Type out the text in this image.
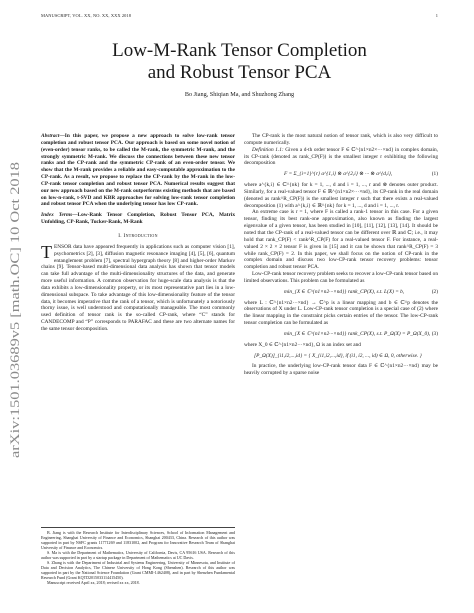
MANUSCRIPT, VOL. XX, NO. XX, XXX 2018	1
arXiv:1501.03689v5 [math.OC] 10 Oct 2018
Low-M-Rank Tensor Completion
and Robust Tensor PCA
Bo Jiang, Shiqian Ma, and Shuzhong Zhang

Abstract—In this paper, we propose a new approach to solve low-rank tensor completion and robust tensor PCA. Our approach is based on some novel notion of (even-order) tensor ranks, to be called the M-rank, the symmetric M-rank, and the strongly symmetric M-rank. We discuss the connections between these new tensor ranks and the CP-rank and the symmetric CP-rank of an even-order tensor. We show that the M-rank provides a reliable and easy-computable approximation to the CP-rank. As a result, we propose to replace the CP-rank by the M-rank in the low-CP-rank tensor completion and robust tensor PCA. Numerical results suggest that our new approach based on the M-rank outperforms existing methods that are based on low-n-rank, t-SVD and KBR approaches for solving low-rank tensor completion and robust tensor PCA when the underlying tensor has low CP-rank.

Index Terms—Low-Rank Tensor Completion, Robust Tensor PCA, Matrix Unfolding, CP-Rank, Tucker-Rank, M-Rank

I. Introduction

TENSOR data have appeared frequently in applications such as computer vision [1], psychometrics [2], [3], diffusion magnetic resonance imaging [4], [5], [6], quantum entanglement problem [7], spectral hypergraph theory [8] and higher-order Markov chains [9]. Tensor-based multi-dimensional data analysis has shown that tensor models can take full advantage of the multi-dimensionality structures of the data, and generate more useful information. A common observation for huge-scale data analysis is that the data exhibits a low-dimensionality property, or its most representative part lies in a low-dimensional subspace. To take advantage of this low-dimensionality feature of the tensor data, it becomes imperative that the rank of a tensor, which is unfortunately a notoriously thorny issue, is well understood and computationally manageable. The most commonly used definition of tensor rank is the so-called CP-rank, where “C” stands for CANDECOMP and “P” corresponds to PARAFAC and these are two alternate names for the same tensor decomposition.

B. Jiang is with the Research Institute for Interdisciplinary Sciences, School of Information Management and Engineering, Shanghai University of Finance and Economics, Shanghai 200433, China. Research of this author was supported in part by NSFC grants 11771269 and 11831002, and Program for Innovative Research Team of Shanghai University of Finance and Economics.

S. Ma is with the Department of Mathematics, University of California, Davis, CA 95616 USA. Research of this author was supported in part by a startup package in Department of Mathematics at UC Davis.

S. Zhang is with the Department of Industrial and Systems Engineering, University of Minnesota, and Institute of Data and Decision Analytics, The Chinese University of Hong Kong (Shenzhen). Research of this author was supported in part by the National Science Foundation (Grant CMMI-1462408), and in part by Shenzhen Fundamental Research Fund (Grant KQTD2015033114415450).

Manuscript received April xx, 2018; revised xx xx, 2018.

The CP-rank is the most natural notion of tensor rank, which is also very difficult to compute numerically.

Definition 1.1: Given a d-th order tensor F ∈ ℂ^{n1×n2×···×nd} in complex domain, its CP-rank (denoted as rank_CP(F)) is the smallest integer r exhibiting the following decomposition

F = Σ_{i=1}^{r} a^{1,i} ⊗ a^{2,i} ⊗ ··· ⊗ a^{d,i},	(1)

where a^{k,i} ∈ ℂ^{nk} for k = 1, ..., d and i = 1, ..., r and ⊗ denotes outer product. Similarly, for a real-valued tensor F ∈ ℝ^{n1×n2×···×nd}, its CP-rank in the real domain (denoted as rank^R_CP(F)) is the smallest integer r such that there exists a real-valued decomposition (1) with a^{k,i} ∈ ℝ^{nk} for k = 1, ..., d and i = 1, ..., r.

An extreme case is r = 1, where F is called a rank-1 tensor in this case. For a given tensor, finding its best rank-one approximation, also known as finding the largest eigenvalue of a given tensor, has been studied in [10], [11], [12], [13], [14]. It should be noted that the CP-rank of a real-valued tensor can be different over ℝ and ℂ; i.e., it may hold that rank_CP(F) < rank^R_CP(F) for a real-valued tensor F. For instance, a real-valued 2 × 2 × 2 tensor F is given in [15] and it can be shown that rank^R_CP(F) = 3 while rank_CP(F) = 2. In this paper, we shall focus on the notion of CP-rank in the complex domain and discuss two low-CP-rank tensor recovery problems: tensor completion and robust tensor PCA.

Low-CP-rank tensor recovery problem seeks to recover a low-CP-rank tensor based on limited observations. This problem can be formulated as

min_{X ∈ ℂ^{n1×n2···×nd}} rank_CP(X), s.t. L(X) = b,	(2)

where L : ℂ^{n1×n2···×nd} → ℂ^p is a linear mapping and b ∈ ℂ^p denotes the observations of X under L. Low-CP-rank tensor completion is a special case of (2) where the linear mapping in the constraint picks certain entries of the tensor. The low-CP-rank tensor completion can be formulated as

min_{X ∈ ℂ^{n1×n2···×nd}} rank_CP(X), s.t. P_Ω(X) = P_Ω(X_0), (3)

where X_0 ∈ ℂ^{n1×n2···×nd}, Ω is an index set and

[P_Ω(X)]_{i1,i2,...,id} = { X_{i1,i2,...,id}, if (i1, i2, ..., id) ∈ Ω, 0, otherwise. }

In practice, the underlying low-CP-rank tensor data F ∈ ℂ^{n1×n2···×nd} may be heavily corrupted by a sparse noise
